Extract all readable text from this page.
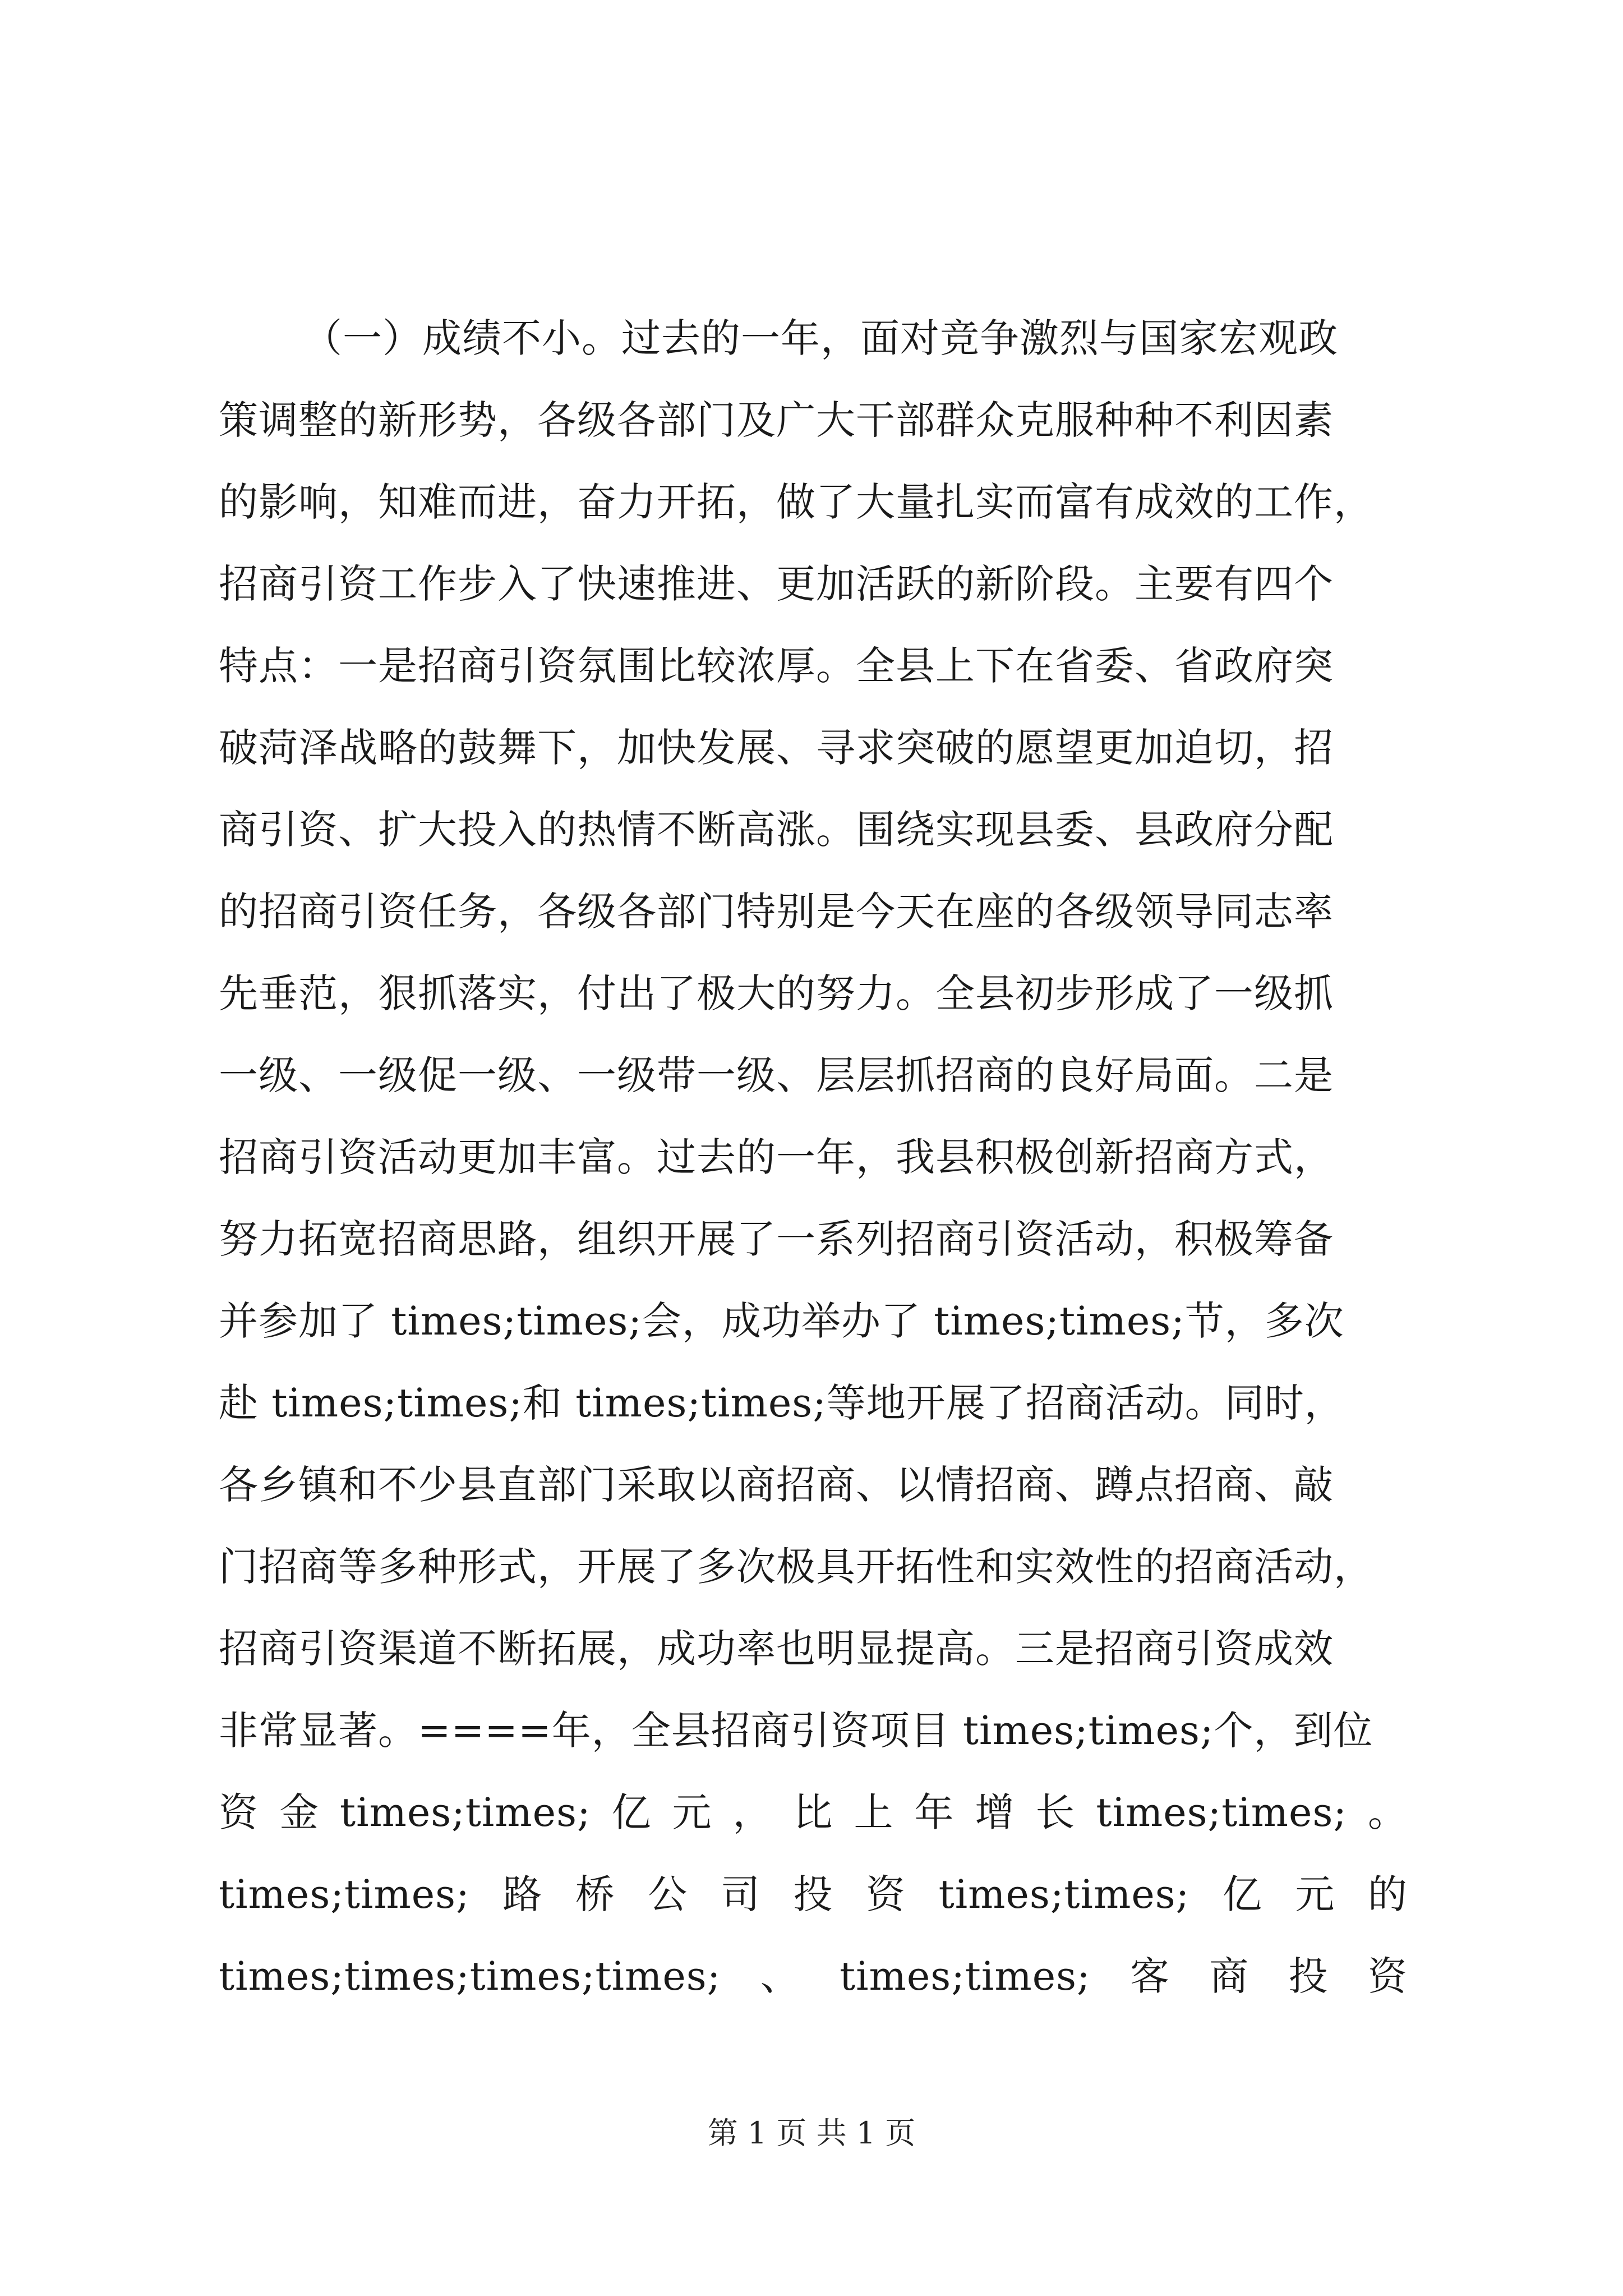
（一）成绩不小。过去的一年，面对竞争激烈与国家宏观政
策调整的新形势，各级各部门及广大干部群众克服种种不利因素
的影响，知难而进，奋力开拓，做了大量扎实而富有成效的工作，
招商引资工作步入了快速推进、更加活跃的新阶段。主要有四个
特点：一是招商引资氛围比较浓厚。全县上下在省委、省政府突
破菏泽战略的鼓舞下，加快发展、寻求突破的愿望更加迫切，招
商引资、扩大投入的热情不断高涨。围绕实现县委、县政府分配
的招商引资任务，各级各部门特别是今天在座的各级领导同志率
先垂范，狠抓落实，付出了极大的努力。全县初步形成了一级抓
一级、一级促一级、一级带一级、层层抓招商的良好局面。二是
招商引资活动更加丰富。过去的一年，我县积极创新招商方式，
努力拓宽招商思路，组织开展了一系列招商引资活动，积极筹备
并参加了 times;times;会，成功举办了 times;times;节，多次
赴 times;times;和 times;times;等地开展了招商活动。同时，
各乡镇和不少县直部门采取以商招商、以情招商、蹲点招商、敲
门招商等多种形式，开展了多次极具开拓性和实效性的招商活动，
招商引资渠道不断拓展，成功率也明显提高。三是招商引资成效
非常显著。====年，全县招商引资项目 times;times;个，到位
资 金 times;times; 亿 元 ， 比 上 年 增 长 times;times; 。
times;times; 路 桥 公 司 投 资 times;times; 亿 元 的
times;times;times;times; 、 times;times; 客 商 投 资
第 1 页 共 1 页
